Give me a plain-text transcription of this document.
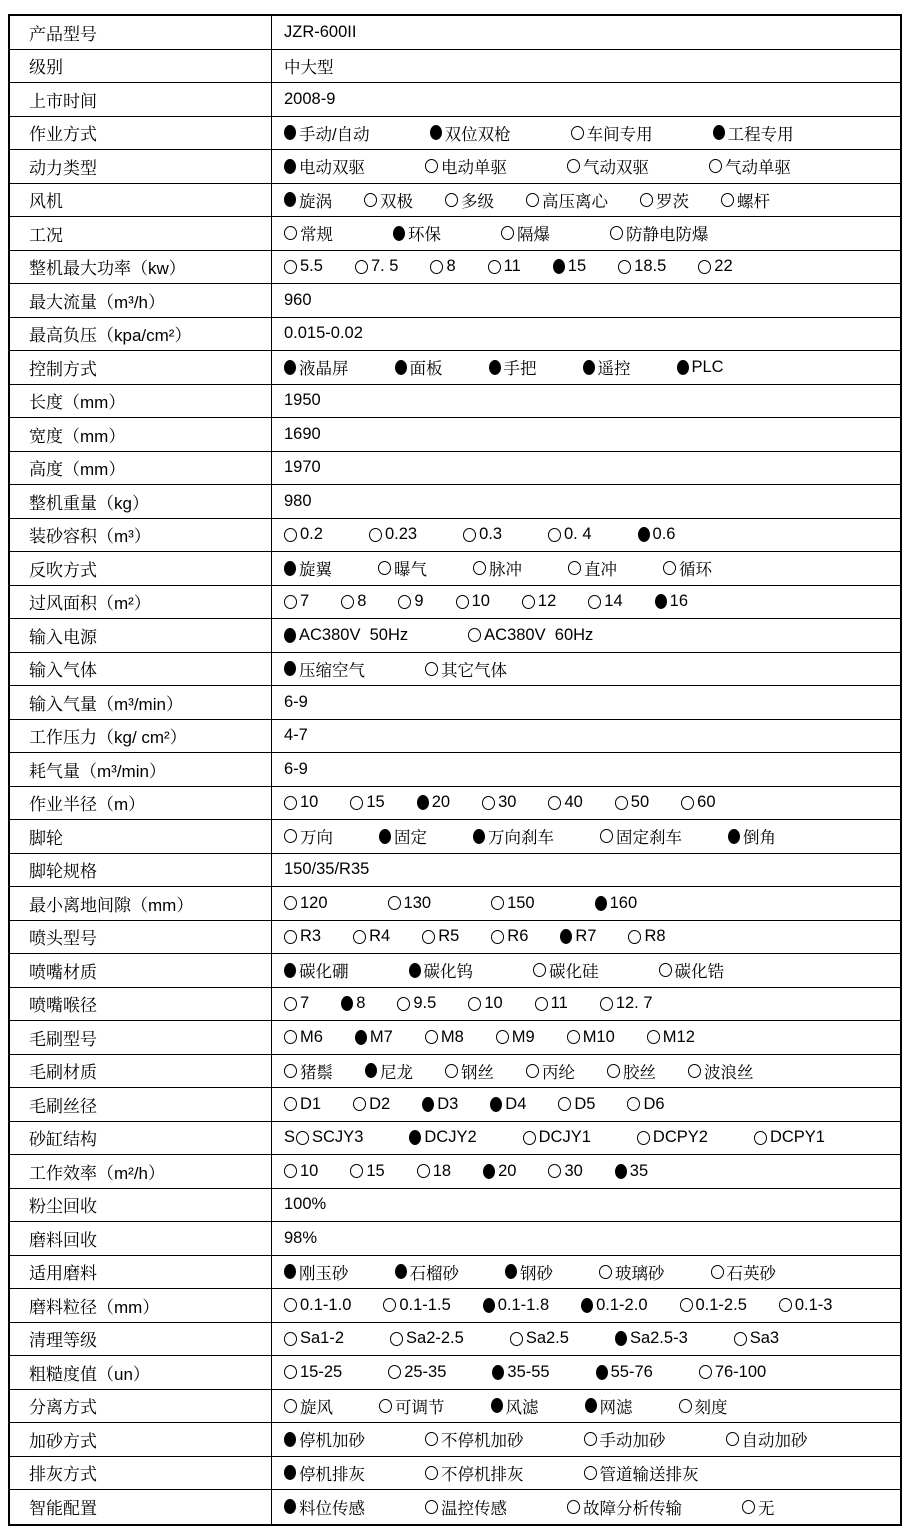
产品型号	JZR-600II
级别	中大型
上市时间	2008-9
作业方式	手动/自动	双位双枪	车间专用	工程专用
动力类型	电动双驱	电动单驱	气动双驱	气动单驱
风机	旋涡	双极	多级	高压离心	罗茨	螺杆
工况	常规	环保	隔爆	防静电防爆
整机最大功率（kw）	5.5	7. 5	8	11	15	18.5	22
最大流量（m³/h）	960
最高负压（kpa/cm²）	0.015-0.02
控制方式	液晶屏	面板	手把	遥控	PLC
长度（mm）	1950
宽度（mm）	1690
高度（mm）	1970
整机重量（kg）	980
装砂容积（m³）	0.2	0.23	0.3	0. 4	0.6
反吹方式	旋翼	曝气	脉冲	直冲	循环
过风面积（m²）	7	8	9	10	12	14	16
输入电源	AC380V  50Hz	AC380V  60Hz
输入气体	压缩空气	其它气体
输入气量（m³/min）	6-9
工作压力（kg/ cm²）	4-7
耗气量（m³/min）	6-9
作业半径（m）	10	15	20	30	40	50	60
脚轮	万向	固定	万向刹车	固定刹车	倒角
脚轮规格	150/35/R35
最小离地间隙（mm）	120	130	150	160
喷头型号	R3	R4	R5	R6	R7	R8
喷嘴材质	碳化硼	碳化钨	碳化硅	碳化锆
喷嘴喉径	7	8	9.5	10	11	12. 7
毛刷型号	M6	M7	M8	M9	M10	M12
毛刷材质	猪鬃	尼龙	钢丝	丙纶	胶丝	波浪丝
毛刷丝径	D1	D2	D3	D4	D5	D6
砂缸结构	S SCJY3	DCJY2	DCJY1	DCPY2	DCPY1
工作效率（m²/h）	10	15	18	20	30	35
粉尘回收	100%
磨料回收	98%
适用磨料	刚玉砂	石榴砂	钢砂	玻璃砂	石英砂
磨料粒径（mm）	0.1-1.0	0.1-1.5	0.1-1.8	0.1-2.0	0.1-2.5	0.1-3
清理等级	Sa1-2	Sa2-2.5	Sa2.5	Sa2.5-3	Sa3
粗糙度值（un）	15-25	25-35	35-55	55-76	76-100
分离方式	旋风	可调节	风滤	网滤	刻度
加砂方式	停机加砂	不停机加砂	手动加砂	自动加砂
排灰方式	停机排灰	不停机排灰	管道输送排灰
智能配置	料位传感	温控传感	故障分析传输	无
